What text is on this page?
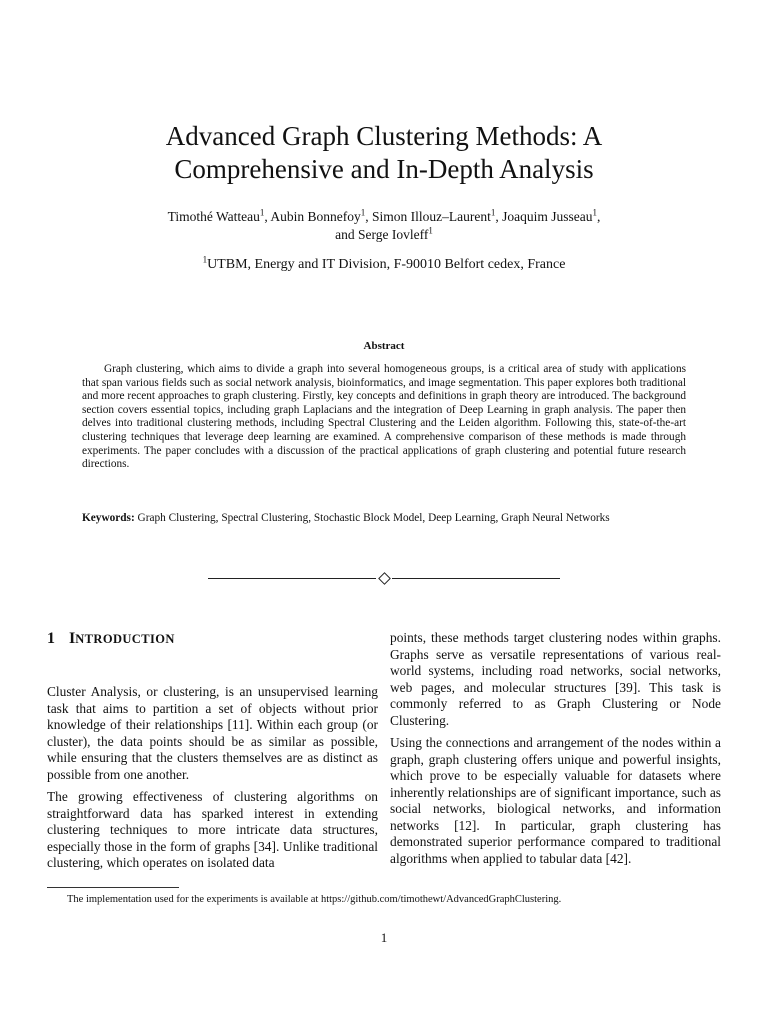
Advanced Graph Clustering Methods: A
Comprehensive and In-Depth Analysis
Timothé Watteau$^1$, Aubin Bonnefoy$^1$, Simon Illouz–Laurent$^1$, Joaquim Jusseau$^1$,
and Serge Iovleff$^1$
$^1$UTBM, Energy and IT Division, F-90010 Belfort cedex, France
Abstract

Graph clustering, which aims to divide a graph into several homogeneous groups, is a critical area of study with applications that span various fields such as social network analysis, bioinformatics, and image segmentation. This paper explores both traditional and more recent approaches to graph clustering. Firstly, key concepts and definitions in graph theory are introduced. The background section covers essential topics, including graph Laplacians and the integration of Deep Learning in graph analysis. The paper then delves into traditional clustering methods, including Spectral Clustering and the Leiden algorithm. Following this, state-of-the-art clustering techniques that leverage deep learning are examined. A comprehensive comparison of these methods is made through experiments. The paper concludes with a discussion of the practical applications of graph clustering and potential future research directions.

Keywords: Graph Clustering, Spectral Clustering, Stochastic Block Model, Deep Learning, Graph Neural Networks

1 INTRODUCTION

Cluster Analysis, or clustering, is an unsupervised learning task that aims to partition a set of objects without prior knowledge of their relationships [11]. Within each group (or cluster), the data points should be as similar as possible, while ensuring that the clusters themselves are as distinct as possible from one another.

The growing effectiveness of clustering algorithms on straightforward data has sparked interest in extending clustering techniques to more intricate data structures, especially those in the form of graphs [34]. Unlike traditional clustering, which operates on isolated data

points, these methods target clustering nodes within graphs. Graphs serve as versatile representations of various real-world systems, including road networks, social networks, web pages, and molecular structures [39]. This task is commonly referred to as Graph Clustering or Node Clustering.

Using the connections and arrangement of the nodes within a graph, graph clustering offers unique and powerful insights, which prove to be especially valuable for datasets where inherently relationships are of significant importance, such as social networks, biological networks, and information networks [12]. In particular, graph clustering has demonstrated superior performance compared to traditional algorithms when applied to tabular data [42].

The implementation used for the experiments is available at https://github.com/timothewt/AdvancedGraphClustering.
1
